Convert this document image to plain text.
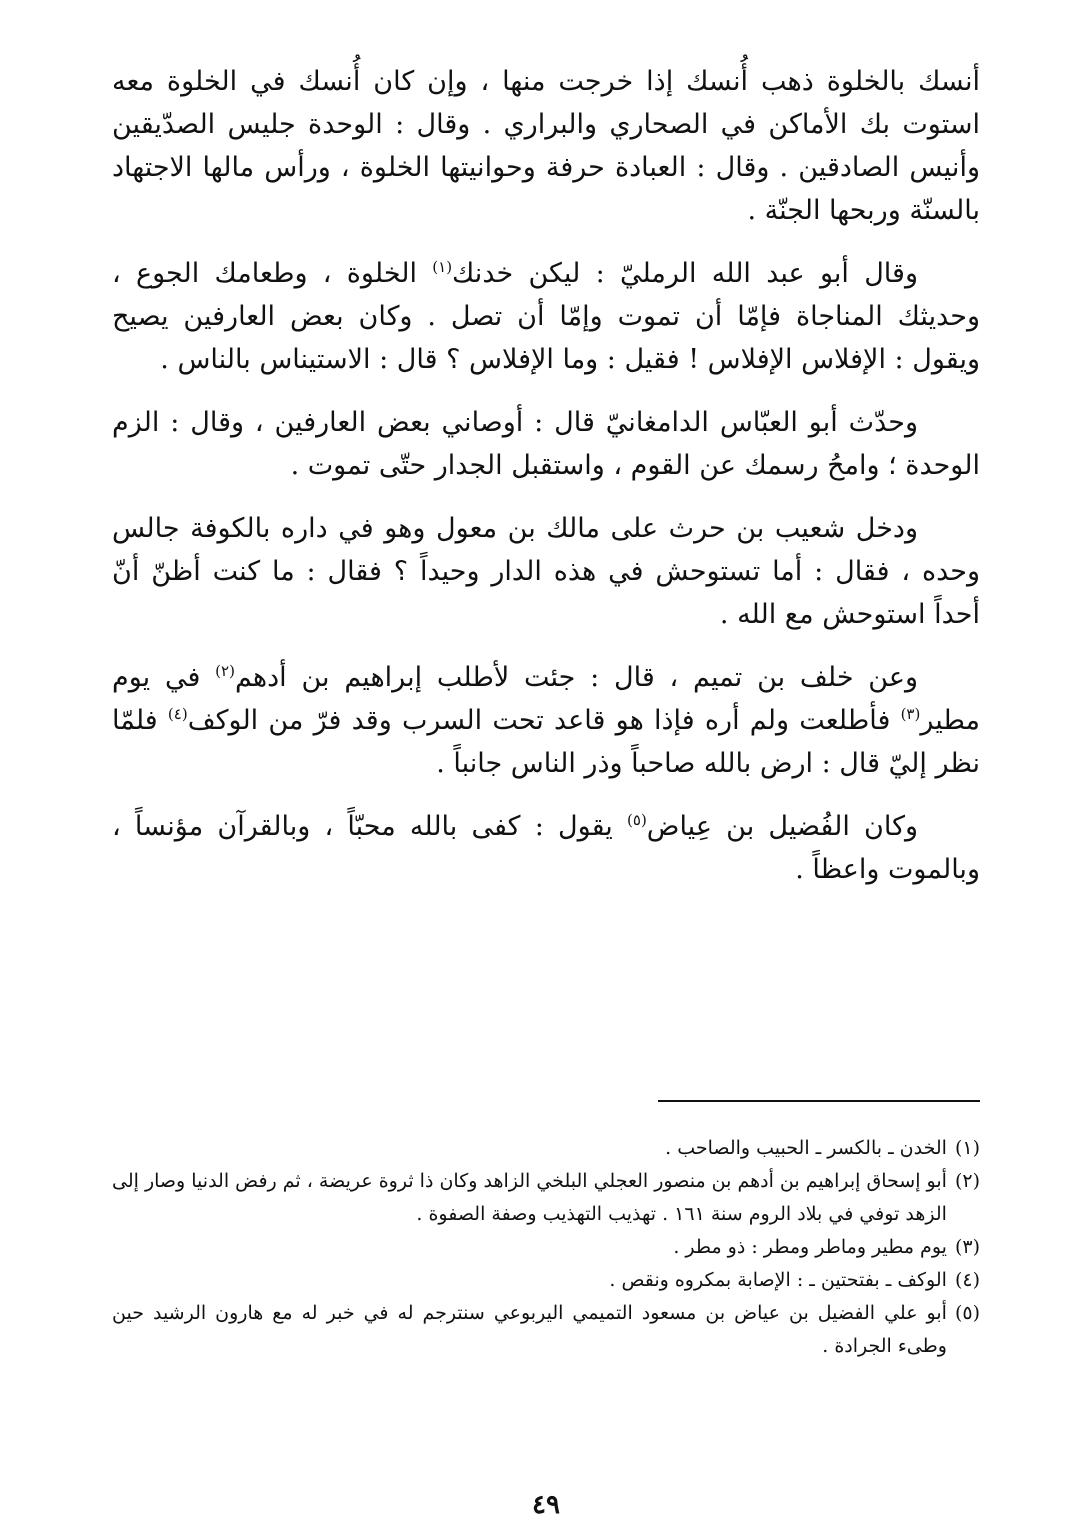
أنسك بالخلوة ذهب أُنسك إذا خرجت منها ، وإن كان أُنسك في الخلوة معه استوت بك الأماكن في الصحاري والبراري . وقال : الوحدة جليس الصدّيقين وأنيس الصادقين . وقال : العبادة حرفة وحوانيتها الخلوة ، ورأس مالها الاجتهاد بالسنّة وربحها الجنّة .

وقال أبو عبد الله الرمليّ : ليكن خدنك$^{(١)}$ الخلوة ، وطعامك الجوع ، وحديثك المناجاة فإمّا أن تموت وإمّا أن تصل . وكان بعض العارفين يصيح ويقول : الإفلاس الإفلاس ! فقيل : وما الإفلاس ؟ قال : الاستيناس بالناس .

وحدّث أبو العبّاس الدامغانيّ قال : أوصاني بعض العارفين ، وقال : الزم الوحدة ؛ وامحُ رسمك عن القوم ، واستقبل الجدار حتّى تموت .

ودخل شعيب بن حرث على مالك بن معول وهو في داره بالكوفة جالس وحده ، فقال : أما تستوحش في هذه الدار وحيداً ؟ فقال : ما كنت أظنّ أنّ أحداً استوحش مع الله .

وعن خلف بن تميم ، قال : جئت لأطلب إبراهيم بن أدهم$^{(٢)}$ في يوم مطير$^{(٣)}$ فأطلعت ولم أره فإذا هو قاعد تحت السرب وقد فرّ من الوكف$^{(٤)}$ فلمّا نظر إليّ قال : ارض بالله صاحباً وذر الناس جانباً .

وكان الفُضيل بن عِياض$^{(٥)}$ يقول : كفى بالله محبّاً ، وبالقرآن مؤنساً ، وبالموت واعظاً .

(١)
الخدن ـ بالكسر ـ الحبيب والصاحب .
(٢)
أبو إسحاق إبراهيم بن أدهم بن منصور العجلي البلخي الزاهد وكان ذا ثروة عريضة ، ثم رفض الدنيا وصار إلى الزهد توفي في بلاد الروم سنة ١٦١ . تهذيب التهذيب وصفة الصفوة .
(٣)
يوم مطير وماطر ومطر : ذو مطر .
(٤)
الوكف ـ بفتحتين ـ : الإصابة بمكروه ونقص .
(٥)
أبو علي الفضيل بن عياض بن مسعود التميمي اليربوعي سنترجم له في خبر له مع هارون الرشيد حين وطىء الجرادة .
٤٩
